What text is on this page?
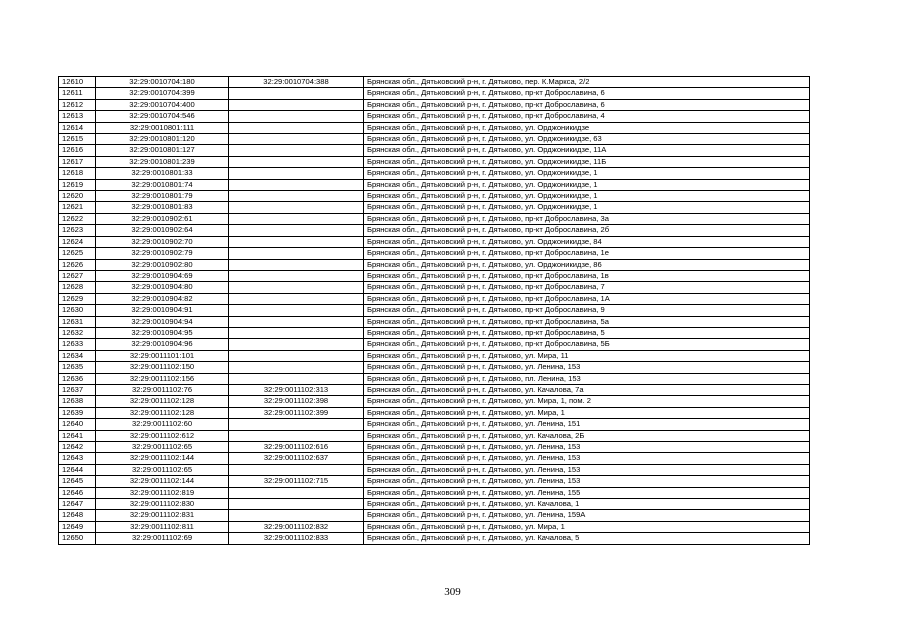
12610	32:29:0010704:180	32:29:0010704:388	Брянская обл., Дятьковский р-н, г. Дятьково, пер. К.Маркса, 2/2
12611	32:29:0010704:399		Брянская обл., Дятьковский р-н, г. Дятьково, пр-кт Доброславина, 6
12612	32:29:0010704:400		Брянская обл., Дятьковский р-н, г. Дятьково, пр-кт Доброславина, 6
12613	32:29:0010704:546		Брянская обл., Дятьковский р-н, г. Дятьково, пр-кт Доброславина, 4
12614	32:29:0010801:111		Брянская обл., Дятьковский р-н, г. Дятьково, ул. Орджоникидзе
12615	32:29:0010801:120		Брянская обл., Дятьковский р-н, г. Дятьково, ул. Орджоникидзе, 63
12616	32:29:0010801:127		Брянская обл., Дятьковский р-н, г. Дятьково, ул. Орджоникидзе, 11А
12617	32:29:0010801:239		Брянская обл., Дятьковский р-н, г. Дятьково, ул. Орджоникидзе, 11Б
12618	32:29:0010801:33		Брянская обл., Дятьковский р-н, г. Дятьково, ул. Орджоникидзе, 1
12619	32:29:0010801:74		Брянская обл., Дятьковский р-н, г. Дятьково, ул. Орджоникидзе, 1
12620	32:29:0010801:79		Брянская обл., Дятьковский р-н, г. Дятьково, ул. Орджоникидзе, 1
12621	32:29:0010801:83		Брянская обл., Дятьковский р-н, г. Дятьково, ул. Орджоникидзе, 1
12622	32:29:0010902:61		Брянская обл., Дятьковский р-н, г. Дятьково, пр-кт Доброславина, 3а
12623	32:29:0010902:64		Брянская обл., Дятьковский р-н, г. Дятьково, пр-кт Доброславина, 2б
12624	32:29:0010902:70		Брянская обл., Дятьковский р-н, г. Дятьково, ул. Орджоникидзе, 84
12625	32:29:0010902:79		Брянская обл., Дятьковский р-н, г. Дятьково, пр-кт Доброславина, 1е
12626	32:29:0010902:80		Брянская обл., Дятьковский р-н, г. Дятьково, ул. Орджоникидзе, 86
12627	32:29:0010904:69		Брянская обл., Дятьковский р-н, г. Дятьково, пр-кт Доброславина, 1в
12628	32:29:0010904:80		Брянская обл., Дятьковский р-н, г. Дятьково, пр-кт Доброславина, 7
12629	32:29:0010904:82		Брянская обл., Дятьковский р-н, г. Дятьково, пр-кт Доброславина, 1А
12630	32:29:0010904:91		Брянская обл., Дятьковский р-н, г. Дятьково, пр-кт Доброславина, 9
12631	32:29:0010904:94		Брянская обл., Дятьковский р-н, г. Дятьково, пр-кт Доброславина, 5а
12632	32:29:0010904:95		Брянская обл., Дятьковский р-н, г. Дятьково, пр-кт Доброславина, 5
12633	32:29:0010904:96		Брянская обл., Дятьковский р-н, г. Дятьково, пр-кт Доброславина, 5Б
12634	32:29:0011101:101		Брянская обл., Дятьковский р-н, г. Дятьково, ул. Мира, 11
12635	32:29:0011102:150		Брянская обл., Дятьковский р-н, г. Дятьково, ул. Ленина, 153
12636	32:29:0011102:156		Брянская обл., Дятьковский р-н, г. Дятьково, пл. Ленина, 153
12637	32:29:0011102:76	32:29:0011102:313	Брянская обл., Дятьковский р-н, г. Дятьково, ул. Качалова, 7а
12638	32:29:0011102:128	32:29:0011102:398	Брянская обл., Дятьковский р-н, г. Дятьково, ул. Мира, 1, пом. 2
12639	32:29:0011102:128	32:29:0011102:399	Брянская обл., Дятьковский р-н, г. Дятьково, ул. Мира, 1
12640	32:29:0011102:60		Брянская обл., Дятьковский р-н, г. Дятьково, ул. Ленина, 151
12641	32:29:0011102:612		Брянская обл., Дятьковский р-н, г. Дятьково, ул. Качалова, 2Б
12642	32:29:0011102:65	32:29:0011102:616	Брянская обл., Дятьковский р-н, г. Дятьково, ул. Ленина, 153
12643	32:29:0011102:144	32:29:0011102:637	Брянская обл., Дятьковский р-н, г. Дятьково, ул. Ленина, 153
12644	32:29:0011102:65		Брянская обл., Дятьковский р-н, г. Дятьково, ул. Ленина, 153
12645	32:29:0011102:144	32:29:0011102:715	Брянская обл., Дятьковский р-н, г. Дятьково, ул. Ленина, 153
12646	32:29:0011102:819		Брянская обл., Дятьковский р-н, г. Дятьково, ул. Ленина, 155
12647	32:29:0011102:830		Брянская обл., Дятьковский р-н, г. Дятьково, ул. Качалова, 1
12648	32:29:0011102:831		Брянская обл., Дятьковский р-н, г. Дятьково, ул. Ленина, 159А
12649	32:29:0011102:811	32:29:0011102:832	Брянская обл., Дятьковский р-н, г. Дятьково, ул. Мира, 1
12650	32:29:0011102:69	32:29:0011102:833	Брянская обл., Дятьковский р-н, г. Дятьково, ул. Качалова, 5
309
